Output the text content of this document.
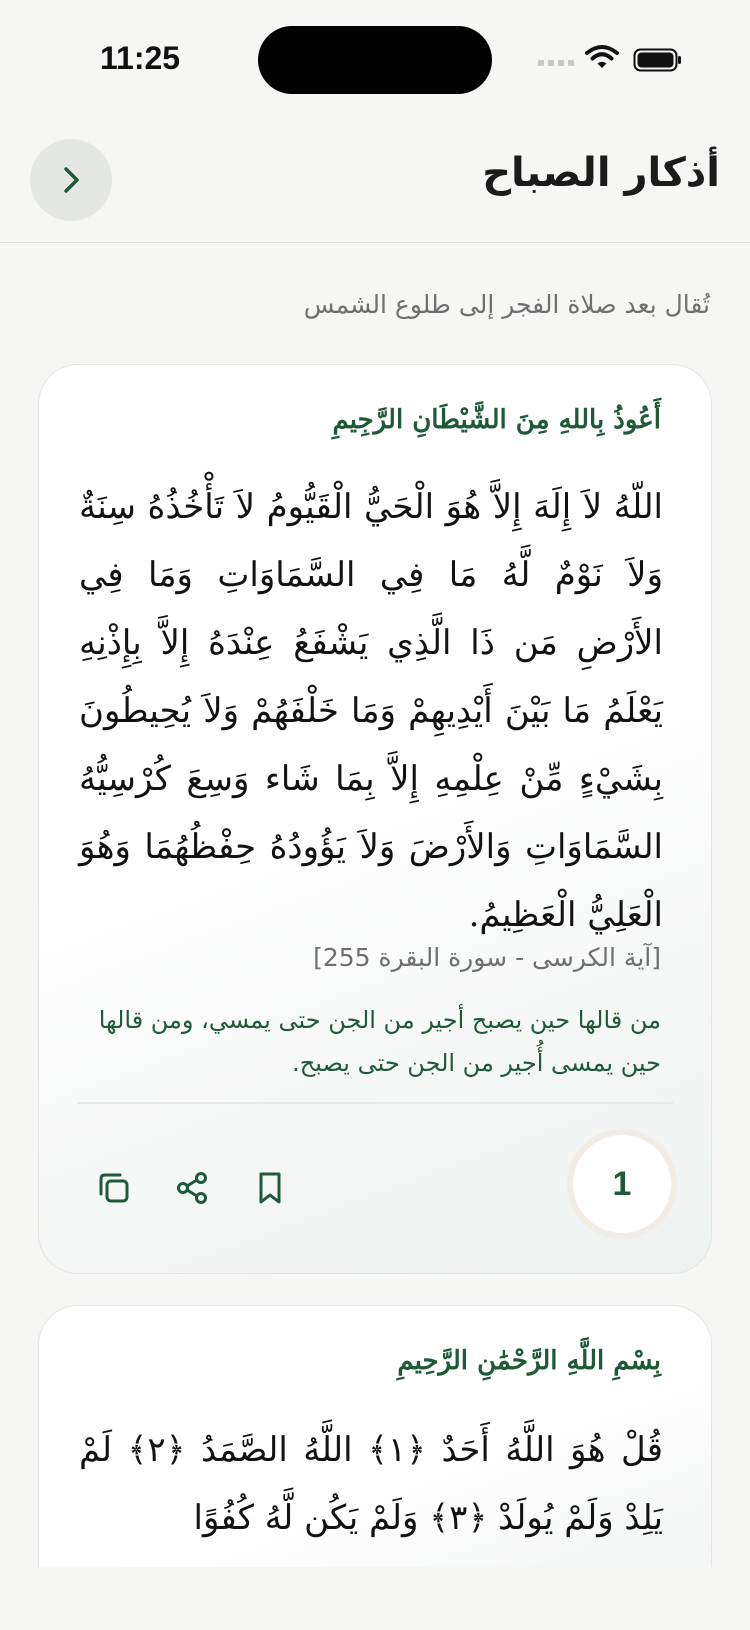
11:25
أذكار الصباح
تُقال بعد صلاة الفجر إلى طلوع الشمس
أَعُوذُ بِاللهِ مِنَ الشَّيْطَانِ الرَّجِيمِ
اللّهُ لاَ إِلَهَ إِلاَّ هُوَ الْحَيُّ الْقَيُّومُ لاَ تَأْخُذُهُ سِنَةٌ وَلاَ نَوْمٌ لَّهُ مَا فِي السَّمَاوَاتِ وَمَا فِي الأَرْضِ مَن ذَا الَّذِي يَشْفَعُ عِنْدَهُ إِلاَّ بِإِذْنِهِ يَعْلَمُ مَا بَيْنَ أَيْدِيهِمْ وَمَا خَلْفَهُمْ وَلاَ يُحِيطُونَ بِشَيْءٍ مِّنْ عِلْمِهِ إِلاَّ بِمَا شَاء وَسِعَ كُرْسِيُّهُ السَّمَاوَاتِ وَالأَرْضَ وَلاَ يَؤُودُهُ حِفْظُهُمَا وَهُوَ الْعَلِيُّ الْعَظِيمُ.
[آية الكرسى - سورة البقرة 255]
من قالها حين يصبح أجير من الجن حتى يمسي، ومن قالها حين يمسى أُجير من الجن حتى يصبح.
1
بِسْمِ اللَّهِ الرَّحْمَٰنِ الرَّحِيمِ
قُلْ هُوَ اللَّهُ أَحَدٌ ﴿١﴾ اللَّهُ الصَّمَدُ ﴿٢﴾ لَمْ يَلِدْ وَلَمْ يُولَدْ ﴿٣﴾ وَلَمْ يَكُن لَّهُ كُفُوًا
